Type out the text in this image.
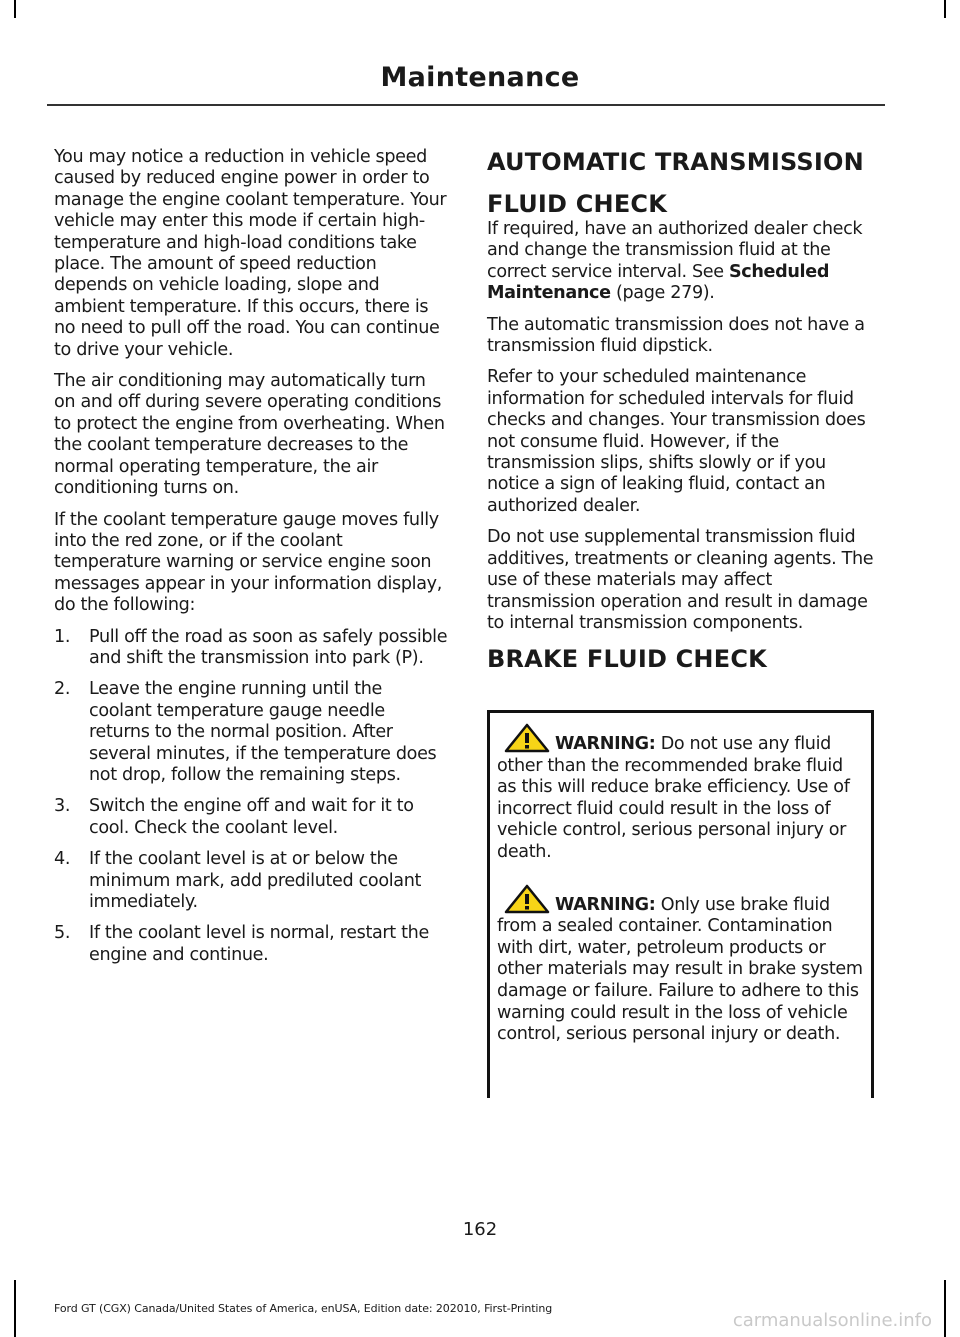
Maintenance

You may notice a reduction in vehicle speed caused by reduced engine power in order to manage the engine coolant temperature. Your vehicle may enter this mode if certain high-temperature and high-load conditions take place. The amount of speed reduction depends on vehicle loading, slope and ambient temperature. If this occurs, there is no need to pull off the road. You can continue to drive your vehicle.

The air conditioning may automatically turn on and off during severe operating conditions to protect the engine from overheating. When the coolant temperature decreases to the normal operating temperature, the air conditioning turns on.

If the coolant temperature gauge moves fully into the red zone, or if the coolant temperature warning or service engine soon messages appear in your information display, do the following:

1. Pull off the road as soon as safely possible and shift the transmission into park (P).
2. Leave the engine running until the coolant temperature gauge needle returns to the normal position. After several minutes, if the temperature does not drop, follow the remaining steps.
3. Switch the engine off and wait for it to cool. Check the coolant level.
4. If the coolant level is at or below the minimum mark, add prediluted coolant immediately.
5. If the coolant level is normal, restart the engine and continue.
AUTOMATIC TRANSMISSION
FLUID CHECK

If required, have an authorized dealer check and change the transmission fluid at the correct service interval. See Scheduled Maintenance (page 279).

The automatic transmission does not have a transmission fluid dipstick.

Refer to your scheduled maintenance information for scheduled intervals for fluid checks and changes. Your transmission does not consume fluid. However, if the transmission slips, shifts slowly or if you notice a sign of leaking fluid, contact an authorized dealer.

Do not use supplemental transmission fluid additives, treatments or cleaning agents. The use of these materials may affect transmission operation and result in damage to internal transmission components.

BRAKE FLUID CHECK

WARNING: Do not use any fluid other than the recommended brake fluid as this will reduce brake efficiency. Use of incorrect fluid could result in the loss of vehicle control, serious personal injury or death.

WARNING: Only use brake fluid from a sealed container. Contamination with dirt, water, petroleum products or other materials may result in brake system damage or failure. Failure to adhere to this warning could result in the loss of vehicle control, serious personal injury or death.

162
Ford GT (CGX) Canada/United States of America, enUSA, Edition date: 202010, First-Printing
carmanualsonline.info
